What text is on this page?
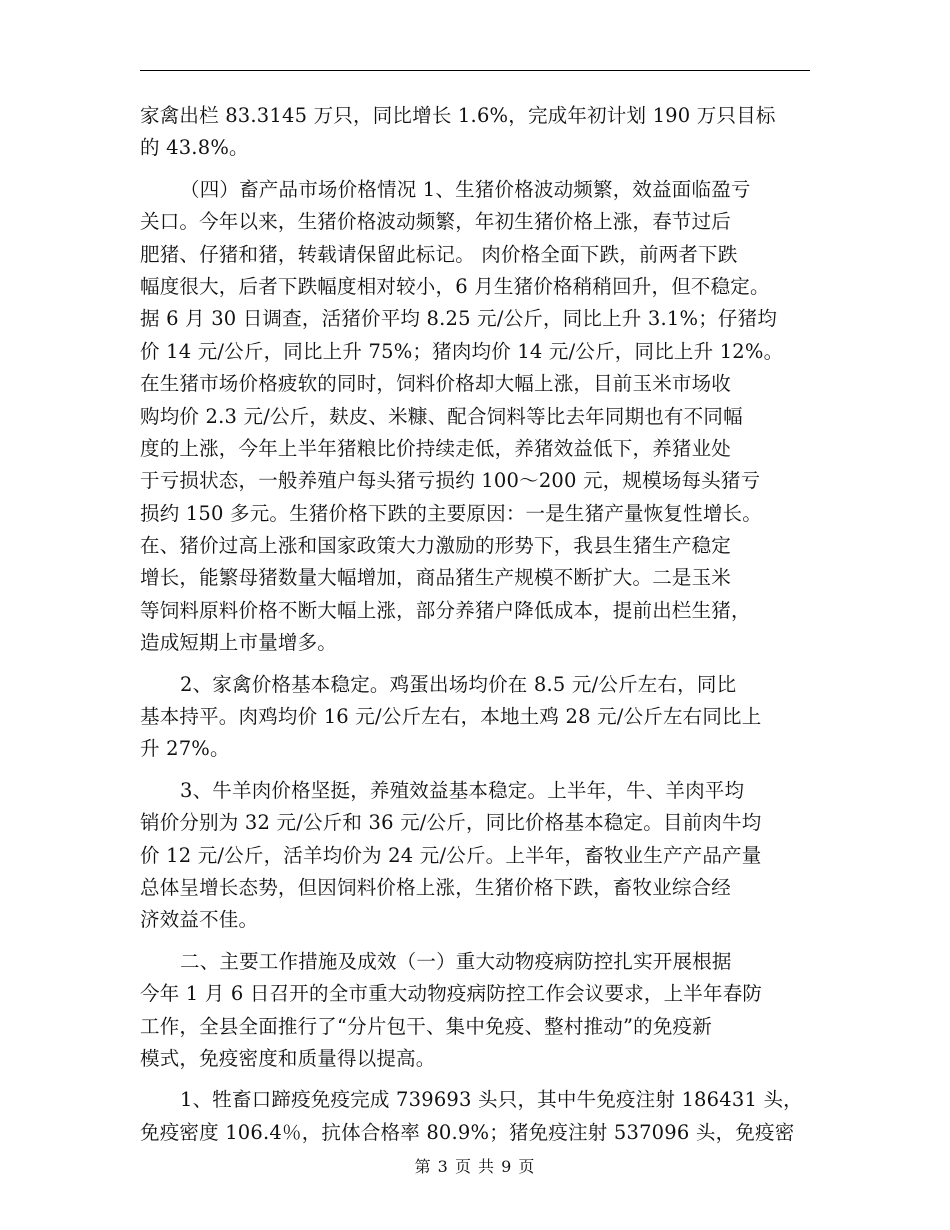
家禽出栏 83.3145 万只，同比增长 1.6%，完成年初计划 190 万只目标
的 43.8%。
（四）畜产品市场价格情况 1、生猪价格波动频繁，效益面临盈亏
关口。今年以来，生猪价格波动频繁，年初生猪价格上涨，春节过后
肥猪、仔猪和猪，转载请保留此标记。 肉价格全面下跌，前两者下跌
幅度很大，后者下跌幅度相对较小，6 月生猪价格稍稍回升，但不稳定。
据 6 月 30 日调查，活猪价平均 8.25 元/公斤，同比上升 3.1%；仔猪均
价 14 元/公斤，同比上升 75%；猪肉均价 14 元/公斤，同比上升 12%。
在生猪市场价格疲软的同时，饲料价格却大幅上涨，目前玉米市场收
购均价 2.3 元/公斤，麸皮、米糠、配合饲料等比去年同期也有不同幅
度的上涨，今年上半年猪粮比价持续走低，养猪效益低下，养猪业处
于亏损状态，一般养殖户每头猪亏损约 100～200 元，规模场每头猪亏
损约 150 多元。生猪价格下跌的主要原因：一是生猪产量恢复性增长。
在、猪价过高上涨和国家政策大力激励的形势下，我县生猪生产稳定
增长，能繁母猪数量大幅增加，商品猪生产规模不断扩大。二是玉米
等饲料原料价格不断大幅上涨，部分养猪户降低成本，提前出栏生猪，
造成短期上市量增多。
2、家禽价格基本稳定。鸡蛋出场均价在 8.5 元/公斤左右，同比
基本持平。肉鸡均价 16 元/公斤左右，本地土鸡 28 元/公斤左右同比上
升 27%。
3、牛羊肉价格坚挺，养殖效益基本稳定。上半年，牛、羊肉平均
销价分别为 32 元/公斤和 36 元/公斤，同比价格基本稳定。目前肉牛均
价 12 元/公斤，活羊均价为 24 元/公斤。上半年，畜牧业生产产品产量
总体呈增长态势，但因饲料价格上涨，生猪价格下跌，畜牧业综合经
济效益不佳。
二、主要工作措施及成效（一）重大动物疫病防控扎实开展根据
今年 1 月 6 日召开的全市重大动物疫病防控工作会议要求，上半年春防
工作，全县全面推行了“分片包干、集中免疫、整村推动”的免疫新
模式，免疫密度和质量得以提高。
1、牲畜口蹄疫免疫完成 739693 头只，其中牛免疫注射 186431 头，
免疫密度 106.4％，抗体合格率 80.9%；猪免疫注射 537096 头，免疫密
第 3 页 共 9 页
